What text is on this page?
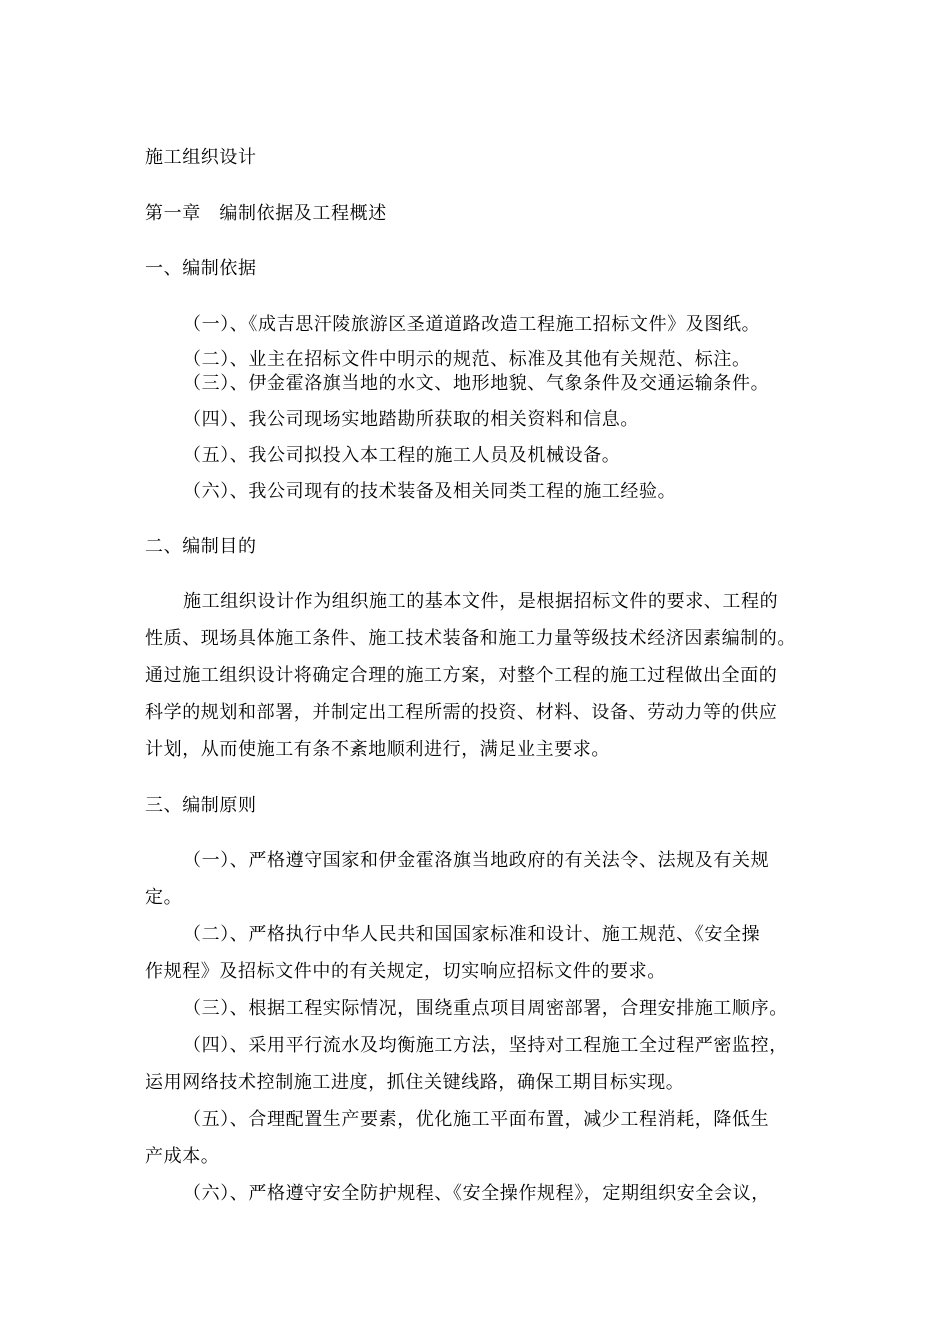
施工组织设计
第一章　编制依据及工程概述
一、编制依据
（一）、《成吉思汗陵旅游区圣道道路改造工程施工招标文件》及图纸。
（二）、业主在招标文件中明示的规范、标准及其他有关规范、标注。
（三）、伊金霍洛旗当地的水文、地形地貌、气象条件及交通运输条件。
（四）、我公司现场实地踏勘所获取的相关资料和信息。
（五）、我公司拟投入本工程的施工人员及机械设备。
（六）、我公司现有的技术装备及相关同类工程的施工经验。
二、编制目的
施工组织设计作为组织施工的基本文件，是根据招标文件的要求、工程的
性质、现场具体施工条件、施工技术装备和施工力量等级技术经济因素编制的。
通过施工组织设计将确定合理的施工方案，对整个工程的施工过程做出全面的
科学的规划和部署，并制定出工程所需的投资、材料、设备、劳动力等的供应
计划，从而使施工有条不紊地顺利进行，满足业主要求。
三、编制原则
（一）、严格遵守国家和伊金霍洛旗当地政府的有关法令、法规及有关规
定。
（二）、严格执行中华人民共和国国家标准和设计、施工规范、《安全操
作规程》及招标文件中的有关规定，切实响应招标文件的要求。
（三）、根据工程实际情况，围绕重点项目周密部署，合理安排施工顺序。
（四）、采用平行流水及均衡施工方法，坚持对工程施工全过程严密监控，
运用网络技术控制施工进度，抓住关键线路，确保工期目标实现。
（五）、合理配置生产要素，优化施工平面布置，减少工程消耗，降低生
产成本。
（六）、严格遵守安全防护规程、《安全操作规程》，定期组织安全会议，
